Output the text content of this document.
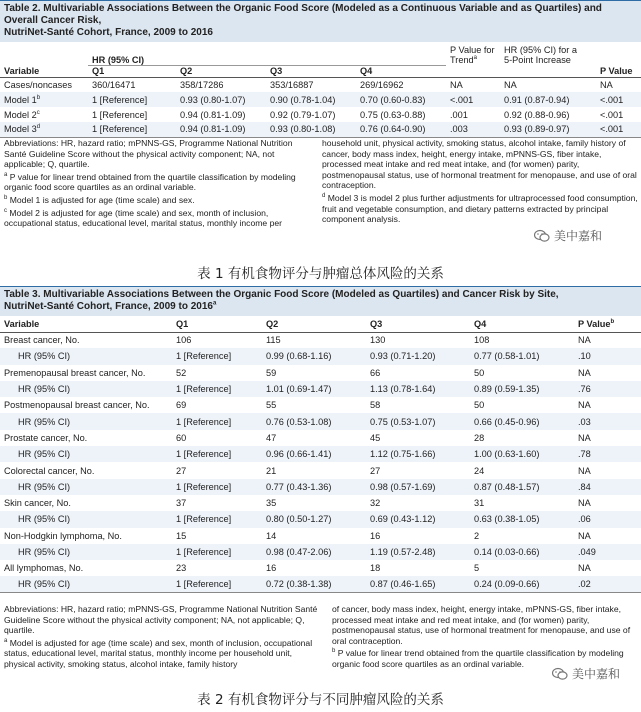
Table 2. Multivariable Associations Between the Organic Food Score (Modeled as a Continuous Variable and as Quartiles) and Overall Cancer Risk,
NutriNet-Santé Cohort, France, 2009 to 2016
	HR (95% CI)				P Value for
Trend$^a$	HR (95% CI) for a
5-Point Increase	
Variable	Q1	Q2	Q3	Q4			P Value
Cases/noncases	360/16471	358/17286	353/16887	269/16962	NA	NA	NA
Model 1$^b$	1 [Reference]	0.93 (0.80-1.07)	0.90 (0.78-1.04)	0.70 (0.60-0.83)	<.001	0.91 (0.87-0.94)	<.001
Model 2$^c$	1 [Reference]	0.94 (0.81-1.09)	0.92 (0.79-1.07)	0.75 (0.63-0.88)	.001	0.92 (0.88-0.96)	<.001
Model 3$^d$	1 [Reference]	0.94 (0.81-1.09)	0.93 (0.80-1.08)	0.76 (0.64-0.90)	.003	0.93 (0.89-0.97)	<.001

Abbreviations: HR, hazard ratio; mPNNS-GS, Programme National Nutrition Santé Guideline Score without the physical activity component; NA, not applicable; Q, quartile.

$^a$ P value for linear trend obtained from the quartile classification by modeling organic food score quartiles as an ordinal variable.

$^b$ Model 1 is adjusted for age (time scale) and sex.

$^c$ Model 2 is adjusted for age (time scale) and sex, month of inclusion, occupational status, educational level, marital status, monthly income per

household unit, physical activity, smoking status, alcohol intake, family history of cancer, body mass index, height, energy intake, mPNNS-GS, fiber intake, processed meat intake and red meat intake, and (for women) parity, postmenopausal status, use of hormonal treatment for menopause, and use of oral contraception.

$^d$ Model 3 is model 2 plus further adjustments for ultraprocessed food consumption, fruit and vegetable consumption, and dietary patterns extracted by principal component analysis.

美中嘉和
表 1 有机食物评分与肿瘤总体风险的关系
Table 3. Multivariable Associations Between the Organic Food Score (Modeled as Quartiles) and Cancer Risk by Site,
NutriNet-Santé Cohort, France, 2009 to 2016$^a$
Variable	Q1	Q2	Q3	Q4	P Value$^b$
Breast cancer, No.	106	115	130	108	NA
HR (95% CI)	1 [Reference]	0.99 (0.68-1.16)	0.93 (0.71-1.20)	0.77 (0.58-1.01)	.10
Premenopausal breast cancer, No.	52	59	66	50	NA
HR (95% CI)	1 [Reference]	1.01 (0.69-1.47)	1.13 (0.78-1.64)	0.89 (0.59-1.35)	.76
Postmenopausal breast cancer, No.	69	55	58	50	NA
HR (95% CI)	1 [Reference]	0.76 (0.53-1.08)	0.75 (0.53-1.07)	0.66 (0.45-0.96)	.03
Prostate cancer, No.	60	47	45	28	NA
HR (95% CI)	1 [Reference]	0.96 (0.66-1.41)	1.12 (0.75-1.66)	1.00 (0.63-1.60)	.78
Colorectal cancer, No.	27	21	27	24	NA
HR (95% CI)	1 [Reference]	0.77 (0.43-1.36)	0.98 (0.57-1.69)	0.87 (0.48-1.57)	.84
Skin cancer, No.	37	35	32	31	NA
HR (95% CI)	1 [Reference]	0.80 (0.50-1.27)	0.69 (0.43-1.12)	0.63 (0.38-1.05)	.06
Non-Hodgkin lymphoma, No.	15	14	16	2	NA
HR (95% CI)	1 [Reference]	0.98 (0.47-2.06)	1.19 (0.57-2.48)	0.14 (0.03-0.66)	.049
All lymphomas, No.	23	16	18	5	NA
HR (95% CI)	1 [Reference]	0.72 (0.38-1.38)	0.87 (0.46-1.65)	0.24 (0.09-0.66)	.02

Abbreviations: HR, hazard ratio; mPNNS-GS, Programme National Nutrition Santé Guideline Score without the physical activity component; NA, not applicable; Q, quartile.

$^a$ Model is adjusted for age (time scale) and sex, month of inclusion, occupational status, educational level, marital status, monthly income per household unit, physical activity, smoking status, alcohol intake, family history

of cancer, body mass index, height, energy intake, mPNNS-GS, fiber intake, processed meat intake and red meat intake, and (for women) parity, postmenopausal status, use of hormonal treatment for menopause, and use of oral contraception.

$^b$ P value for linear trend obtained from the quartile classification by modeling organic food score quartiles as an ordinal variable.

美中嘉和
表 2 有机食物评分与不同肿瘤风险的关系
